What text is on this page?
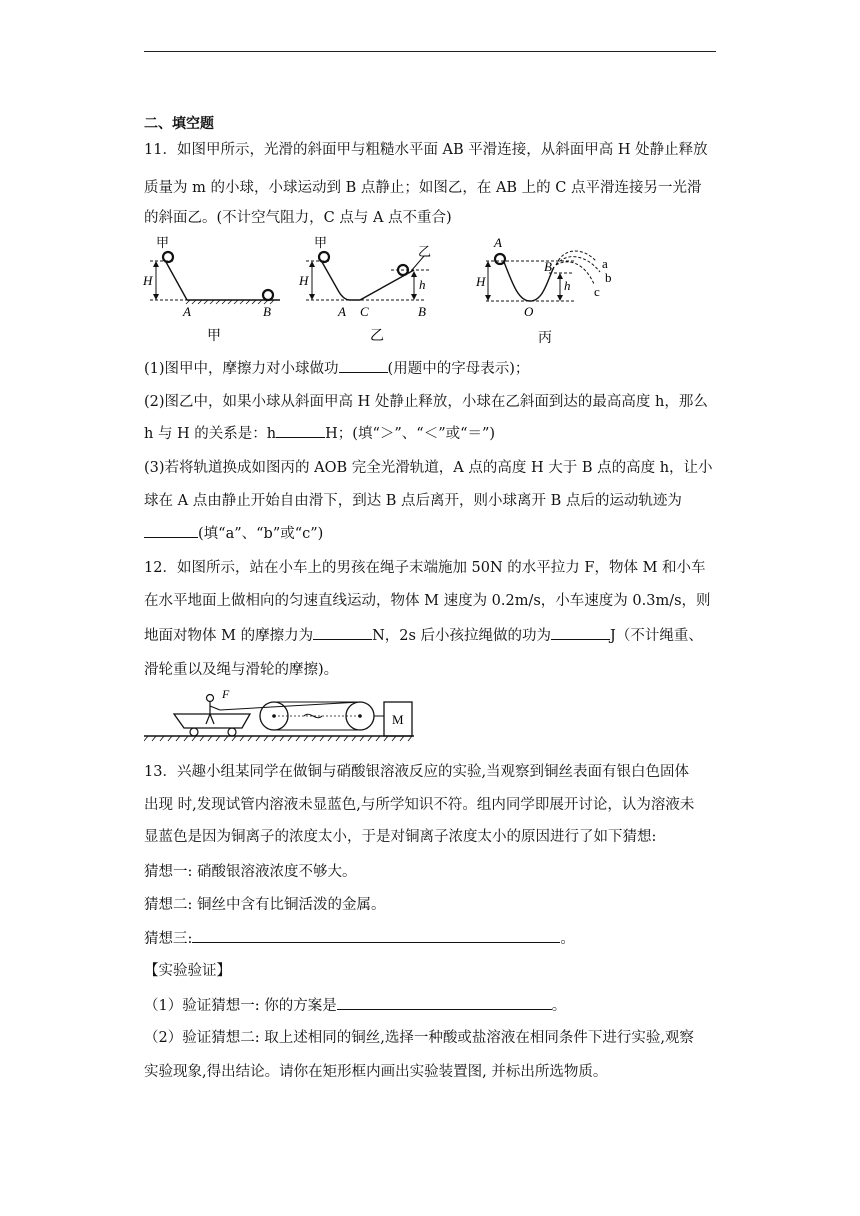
二、填空题
11．如图甲所示，光滑的斜面甲与粗糙水平面 AB 平滑连接，从斜面甲高 H 处静止释放
质量为 m 的小球，小球运动到 B 点静止；如图乙，在 AB 上的 C 点平滑连接另一光滑
的斜面乙。(不计空气阻力，C 点与 A 点不重合)
甲
H
A	B
甲
甲
H	h
乙
A C	B
乙
A
H
B
h
a
b
c
O
丙
(1)图甲中，摩擦力对小球做功	(用题中的字母表示)；
(2)图乙中，如果小球从斜面甲高 H 处静止释放，小球在乙斜面到达的最高高度 h，那么
h 与 H 的关系是：h	H；(填“＞”、“＜”或“＝”)
(3)若将轨道换成如图丙的 AOB 完全光滑轨道，A 点的高度 H 大于 B 点的高度 h，让小
球在 A 点由静止开始自由滑下，到达 B 点后离开，则小球离开 B 点后的运动轨迹为
(填“a”、“b”或“c”)
12．如图所示，站在小车上的男孩在绳子末端施加 50N 的水平拉力 F，物体 M 和小车
在水平地面上做相向的匀速直线运动，物体 M 速度为 0.2m/s，小车速度为 0.3m/s，则
地面对物体 M 的摩擦力为	N，2s 后小孩拉绳做的功为	J（不计绳重、
滑轮重以及绳与滑轮的摩擦)。
F
M
13．兴趣小组某同学在做铜与硝酸银溶液反应的实验,当观察到铜丝表面有银白色固体
出现 时,发现试管内溶液未显蓝色,与所学知识不符。组内同学即展开讨论，认为溶液未
显蓝色是因为铜离子的浓度太小，于是对铜离子浓度太小的原因进行了如下猜想:
猜想一: 硝酸银溶液浓度不够大。
猜想二: 铜丝中含有比铜活泼的金属。
猜想三:	。
【实验验证】
（1）验证猜想一: 你的方案是	。
（2）验证猜想二: 取上述相同的铜丝,选择一种酸或盐溶液在相同条件下进行实验,观察
实验现象,得出结论。请你在矩形框内画出实验装置图, 并标出所选物质。
